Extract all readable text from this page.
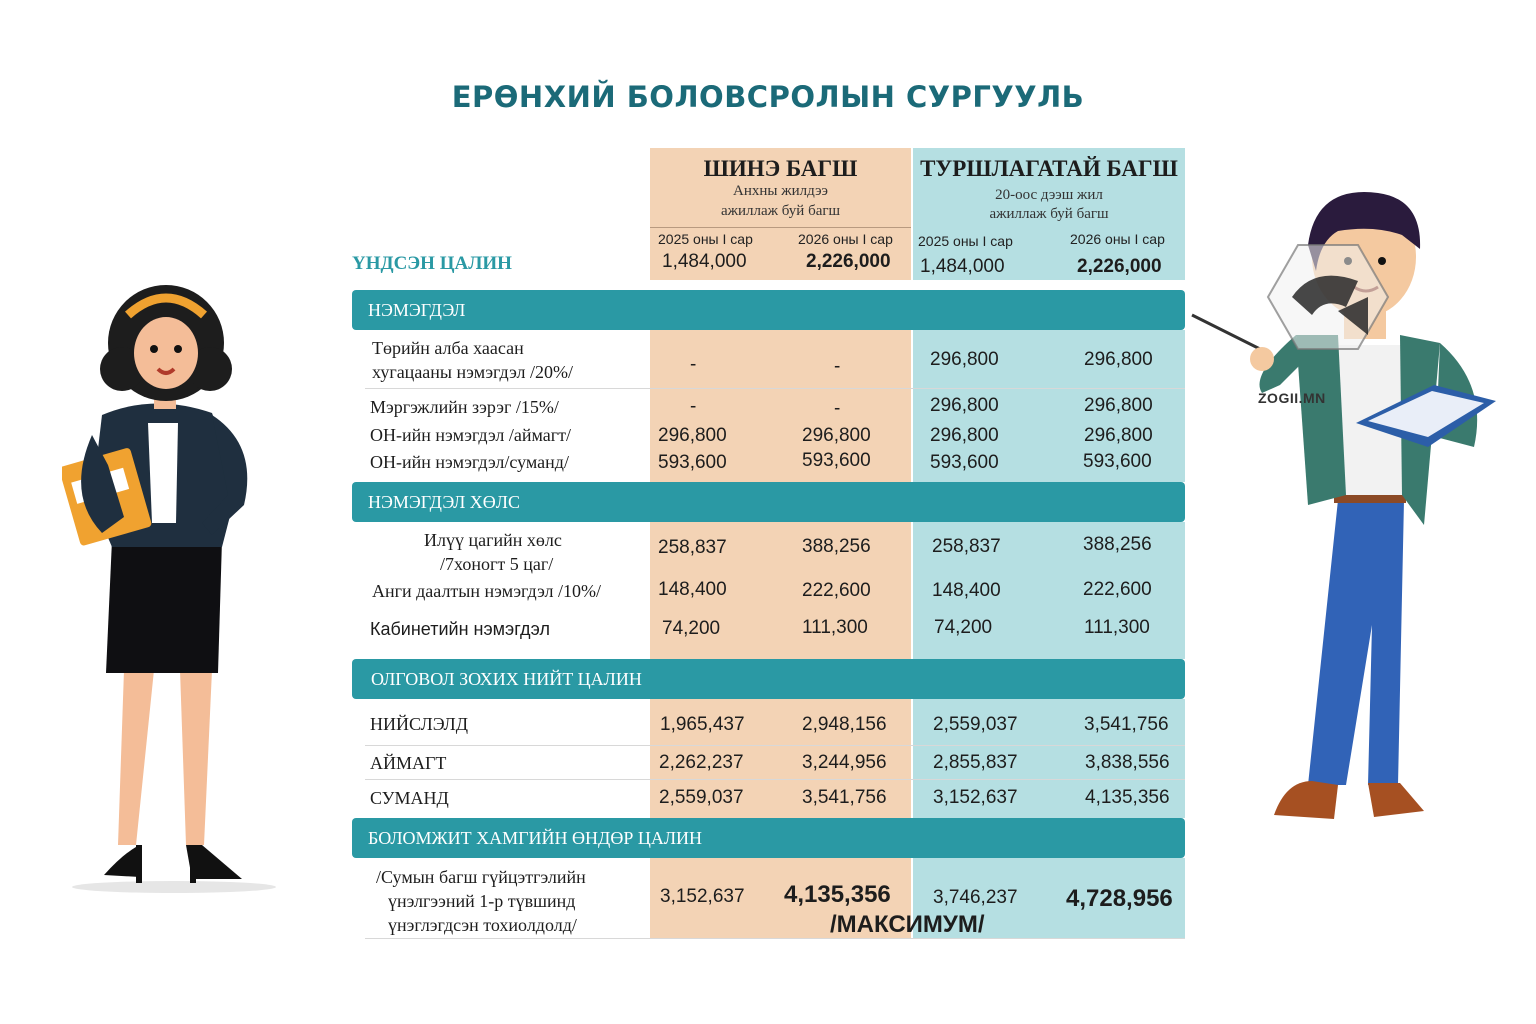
ЕРӨНХИЙ БОЛОВСРОЛЫН СУРГУУЛЬ
ШИНЭ БАГШ
Анхны жилдээ
ажиллаж буй багш
2025 оны I сар	2026 оны I сар
ТУРШЛАГАТАЙ БАГШ
20-оос дээш жил
ажиллаж буй багш
2025 оны I сар	2026 оны I сар
ҮНДСЭН ЦАЛИН	1,484,000	2,226,000 1,484,000	2,226,000
НЭМЭГДЭЛ
Төрийн алба хаасан
хугацааны нэмэгдэл /20%/	-	-	296,800	296,800
Мэргэжлийн зэрэг /15%/	-	-	296,800	296,800
ОН-ийн нэмэгдэл /аймагт/	296,800	296,800	296,800	296,800
ОН-ийн нэмэгдэл/суманд/	593,600	593,600	593,600	593,600
НЭМЭГДЭЛ ХӨЛС
Илүү цагийн хөлс
/7хоногт 5 цаг/
258,837	388,256	258,837	388,256
Анги даалтын нэмэгдэл /10%/	148,400	222,600	148,400	222,600
Кабинетийн нэмэгдэл	74,200	111,300	74,200	111,300
ОЛГОВОЛ ЗОХИХ НИЙТ ЦАЛИН
НИЙСЛЭЛД	1,965,437	2,948,156 2,559,037	3,541,756
АЙМАГТ	2,262,237	3,244,956 2,855,837	3,838,556
СУМАНД	2,559,037	3,541,756 3,152,637	4,135,356
БОЛОМЖИТ ХАМГИЙН ӨНДӨР ЦАЛИН
/Сумын багш гүйцэтгэлийн
үнэлгээний 1-р түвшинд
үнэглэгдсэн тохиолдолд/
3,152,637 4,135,356 3,746,237 4,728,956
/МАКСИМУМ/
ZOGII.MN
